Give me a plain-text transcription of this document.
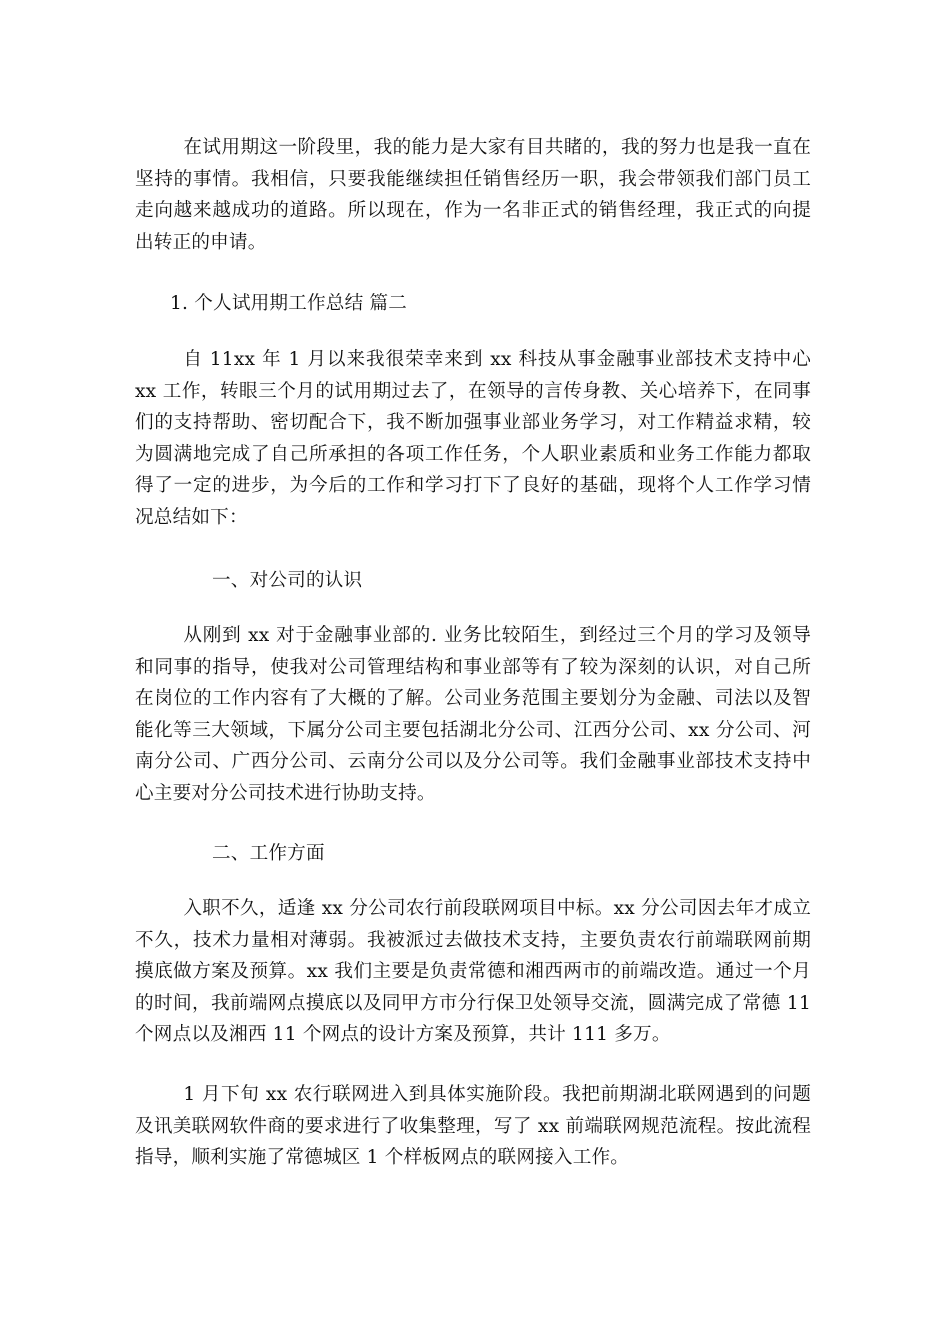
在试用期这一阶段里，我的能力是大家有目共睹的，我的努力也是我一直在坚持的事情。我相信，只要我能继续担任销售经历一职，我会带领我们部门员工走向越来越成功的道路。所以现在，作为一名非正式的销售经理，我正式的向提出转正的申请。

1. 个人试用期工作总结 篇二

自 11xx 年 1 月以来我很荣幸来到 xx 科技从事金融事业部技术支持中心 xx 工作，转眼三个月的试用期过去了，在领导的言传身教、关心培养下，在同事们的支持帮助、密切配合下，我不断加强事业部业务学习，对工作精益求精，较为圆满地完成了自己所承担的各项工作任务，个人职业素质和业务工作能力都取得了一定的进步，为今后的工作和学习打下了良好的基础，现将个人工作学习情况总结如下：

一、对公司的认识

从刚到 xx 对于金融事业部的. 业务比较陌生，到经过三个月的学习及领导和同事的指导，使我对公司管理结构和事业部等有了较为深刻的认识，对自己所在岗位的工作内容有了大概的了解。公司业务范围主要划分为金融、司法以及智能化等三大领域，下属分公司主要包括湖北分公司、江西分公司、xx 分公司、河南分公司、广西分公司、云南分公司以及分公司等。我们金融事业部技术支持中心主要对分公司技术进行协助支持。

二、工作方面

入职不久，适逢 xx 分公司农行前段联网项目中标。xx 分公司因去年才成立不久，技术力量相对薄弱。我被派过去做技术支持，主要负责农行前端联网前期摸底做方案及预算。xx 我们主要是负责常德和湘西两市的前端改造。通过一个月的时间，我前端网点摸底以及同甲方市分行保卫处领导交流，圆满完成了常德 11 个网点以及湘西 11 个网点的设计方案及预算，共计 111 多万。

1 月下旬 xx 农行联网进入到具体实施阶段。我把前期湖北联网遇到的问题及讯美联网软件商的要求进行了收集整理，写了 xx 前端联网规范流程。按此流程指导，顺利实施了常德城区 1 个样板网点的联网接入工作。
